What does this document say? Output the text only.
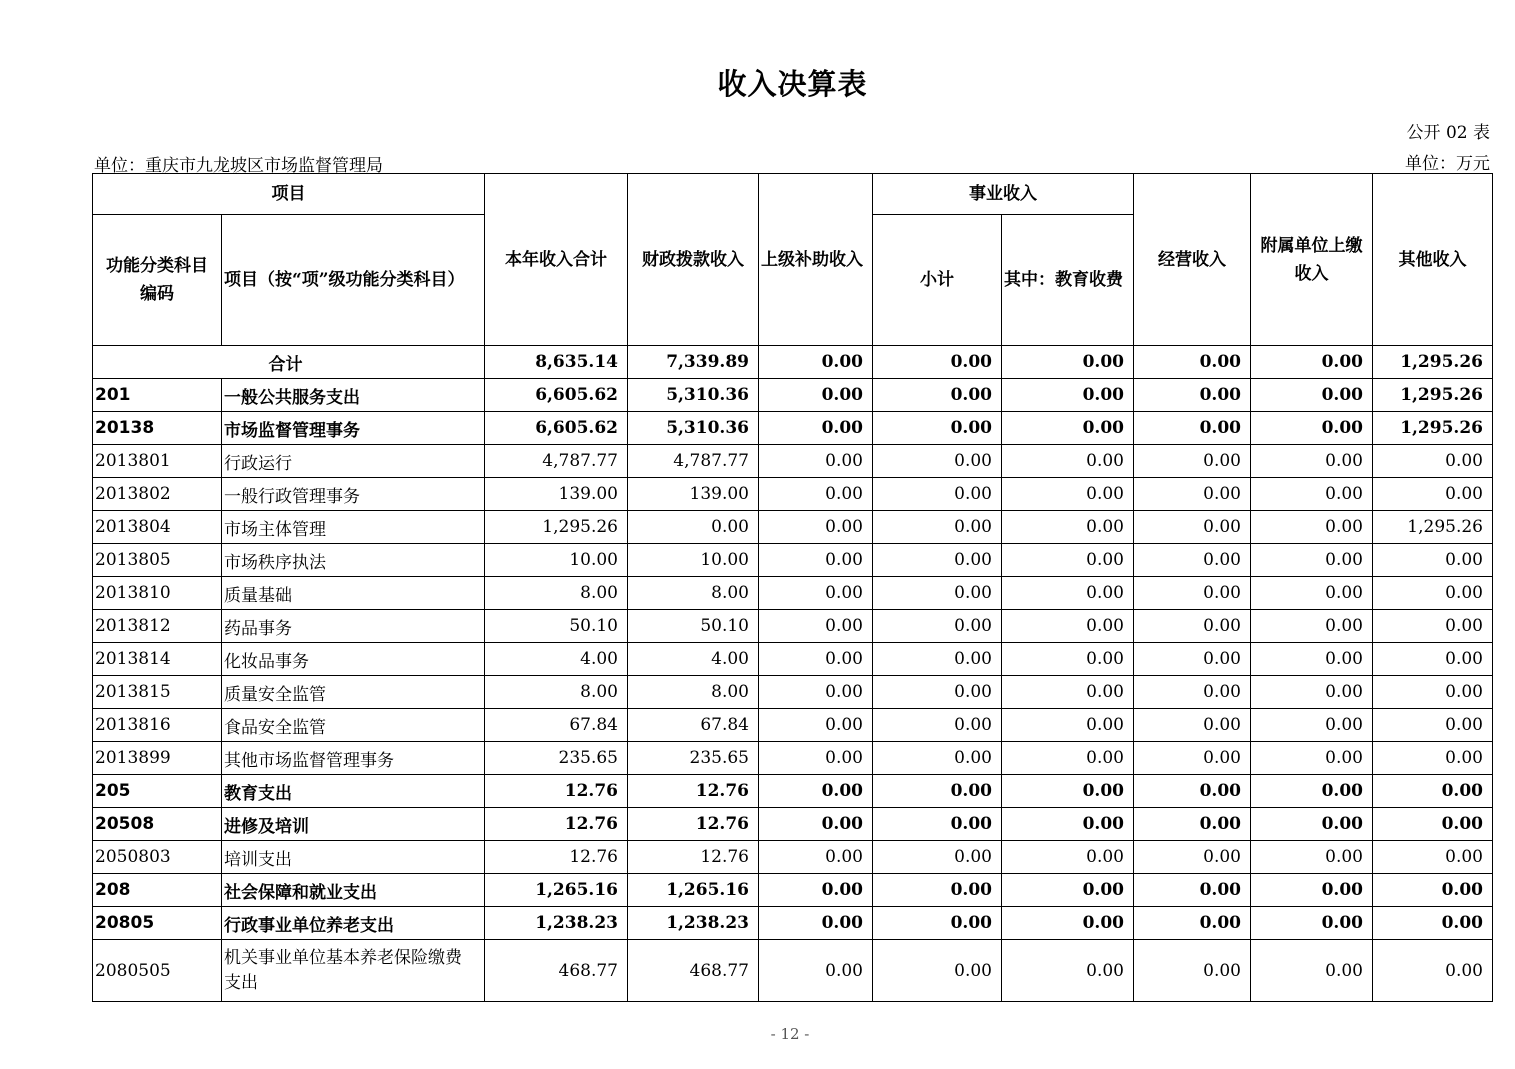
收入决算表
公开 02 表
单位：重庆市九龙坡区市场监督管理局	单位：万元
项目		本年收入合计	财政拨款收入	上级补助收入	事业收入		经营收入	附属单位上缴收入	其他收入
功能分类科目编码	项目（按“项”级功能分类科目）				小计	其中：教育收费			
合计		8,635.14	7,339.89	0.00	0.00	0.00	0.00	0.00	1,295.26
201	一般公共服务支出	6,605.62	5,310.36	0.00	0.00	0.00	0.00	0.00	1,295.26
20138	市场监督管理事务	6,605.62	5,310.36	0.00	0.00	0.00	0.00	0.00	1,295.26
2013801	行政运行	4,787.77	4,787.77	0.00	0.00	0.00	0.00	0.00	0.00
2013802	一般行政管理事务	139.00	139.00	0.00	0.00	0.00	0.00	0.00	0.00
2013804	市场主体管理	1,295.26	0.00	0.00	0.00	0.00	0.00	0.00	1,295.26
2013805	市场秩序执法	10.00	10.00	0.00	0.00	0.00	0.00	0.00	0.00
2013810	质量基础	8.00	8.00	0.00	0.00	0.00	0.00	0.00	0.00
2013812	药品事务	50.10	50.10	0.00	0.00	0.00	0.00	0.00	0.00
2013814	化妆品事务	4.00	4.00	0.00	0.00	0.00	0.00	0.00	0.00
2013815	质量安全监管	8.00	8.00	0.00	0.00	0.00	0.00	0.00	0.00
2013816	食品安全监管	67.84	67.84	0.00	0.00	0.00	0.00	0.00	0.00
2013899	其他市场监督管理事务	235.65	235.65	0.00	0.00	0.00	0.00	0.00	0.00
205	教育支出	12.76	12.76	0.00	0.00	0.00	0.00	0.00	0.00
20508	进修及培训	12.76	12.76	0.00	0.00	0.00	0.00	0.00	0.00
2050803	培训支出	12.76	12.76	0.00	0.00	0.00	0.00	0.00	0.00
208	社会保障和就业支出	1,265.16	1,265.16	0.00	0.00	0.00	0.00	0.00	0.00
20805	行政事业单位养老支出	1,238.23	1,238.23	0.00	0.00	0.00	0.00	0.00	0.00
2080505	机关事业单位基本养老保险缴费支出	468.77	468.77	0.00	0.00	0.00	0.00	0.00	0.00
- 12 -
